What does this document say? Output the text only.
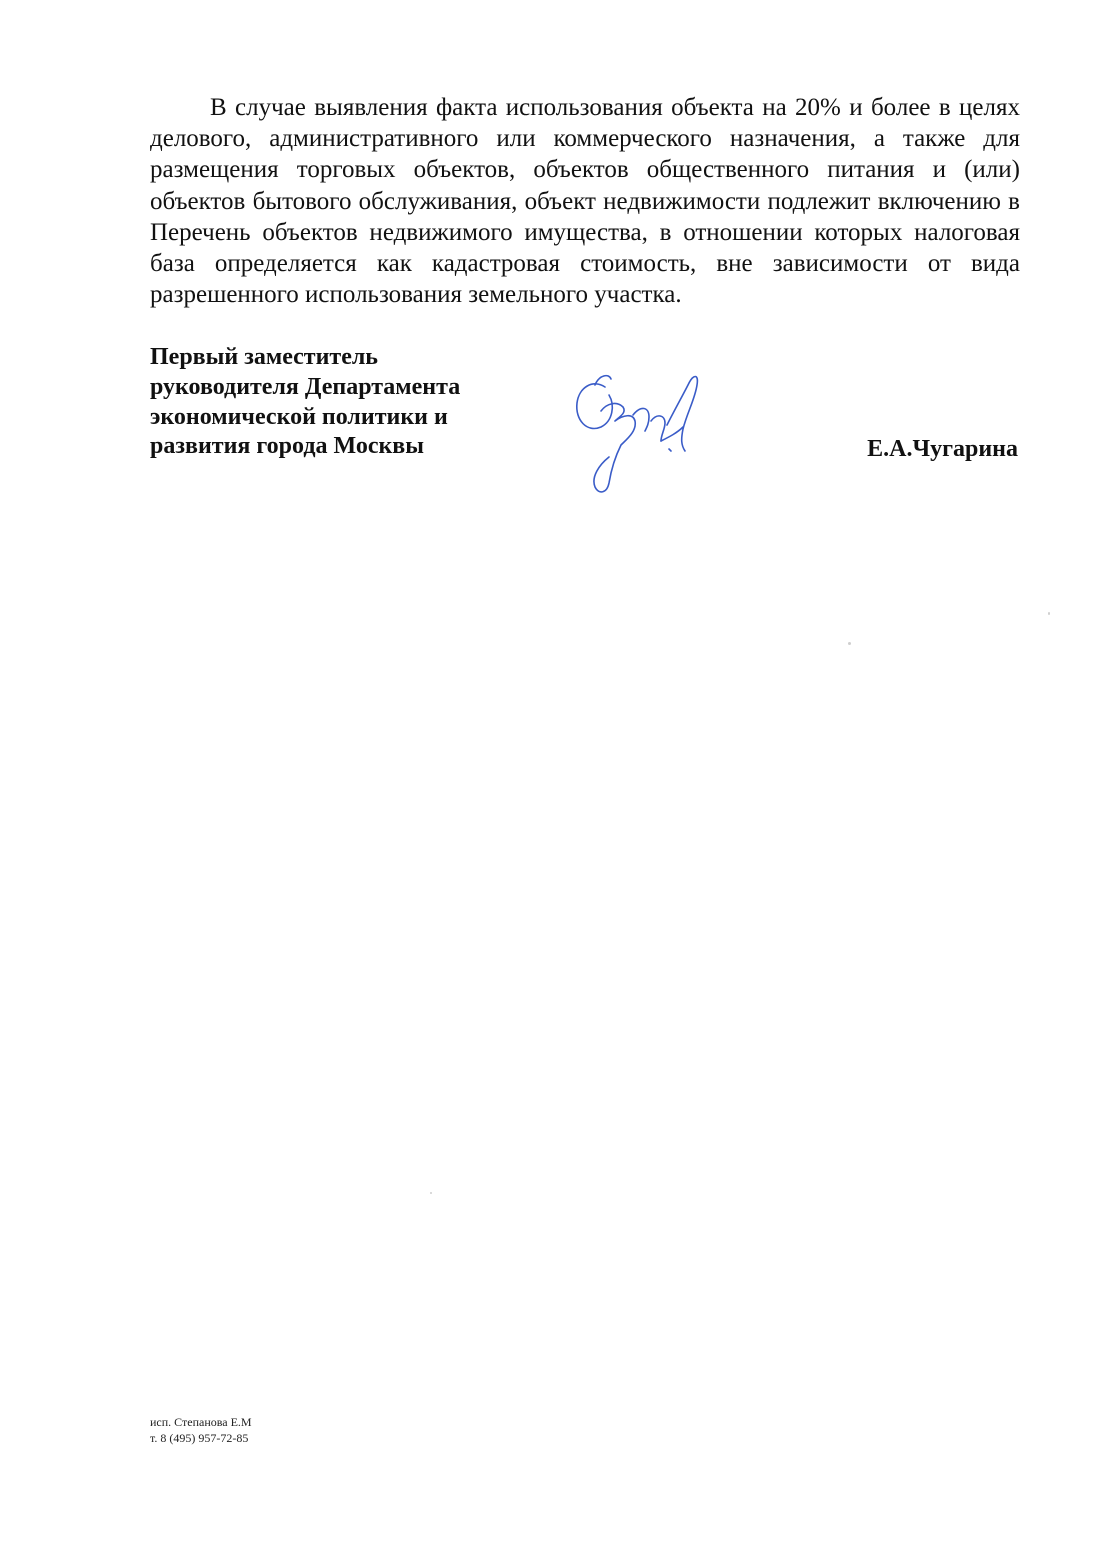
В случае выявления факта использования объекта на 20% и более в целях делового, административного или коммерческого назначения, а также для размещения торговых объектов, объектов общественного питания и (или) объектов бытового обслуживания, объект недвижимости подлежит включению в Перечень объектов недвижимого имущества, в отношении которых налоговая база определяется как кадастровая стоимость, вне зависимости от вида разрешенного использования земельного участка.

Первый заместитель
руководителя Департамента
экономической политики и
развития города Москвы	Е.А.Чугарина
исп. Степанова Е.М
т. 8 (495) 957-72-85
